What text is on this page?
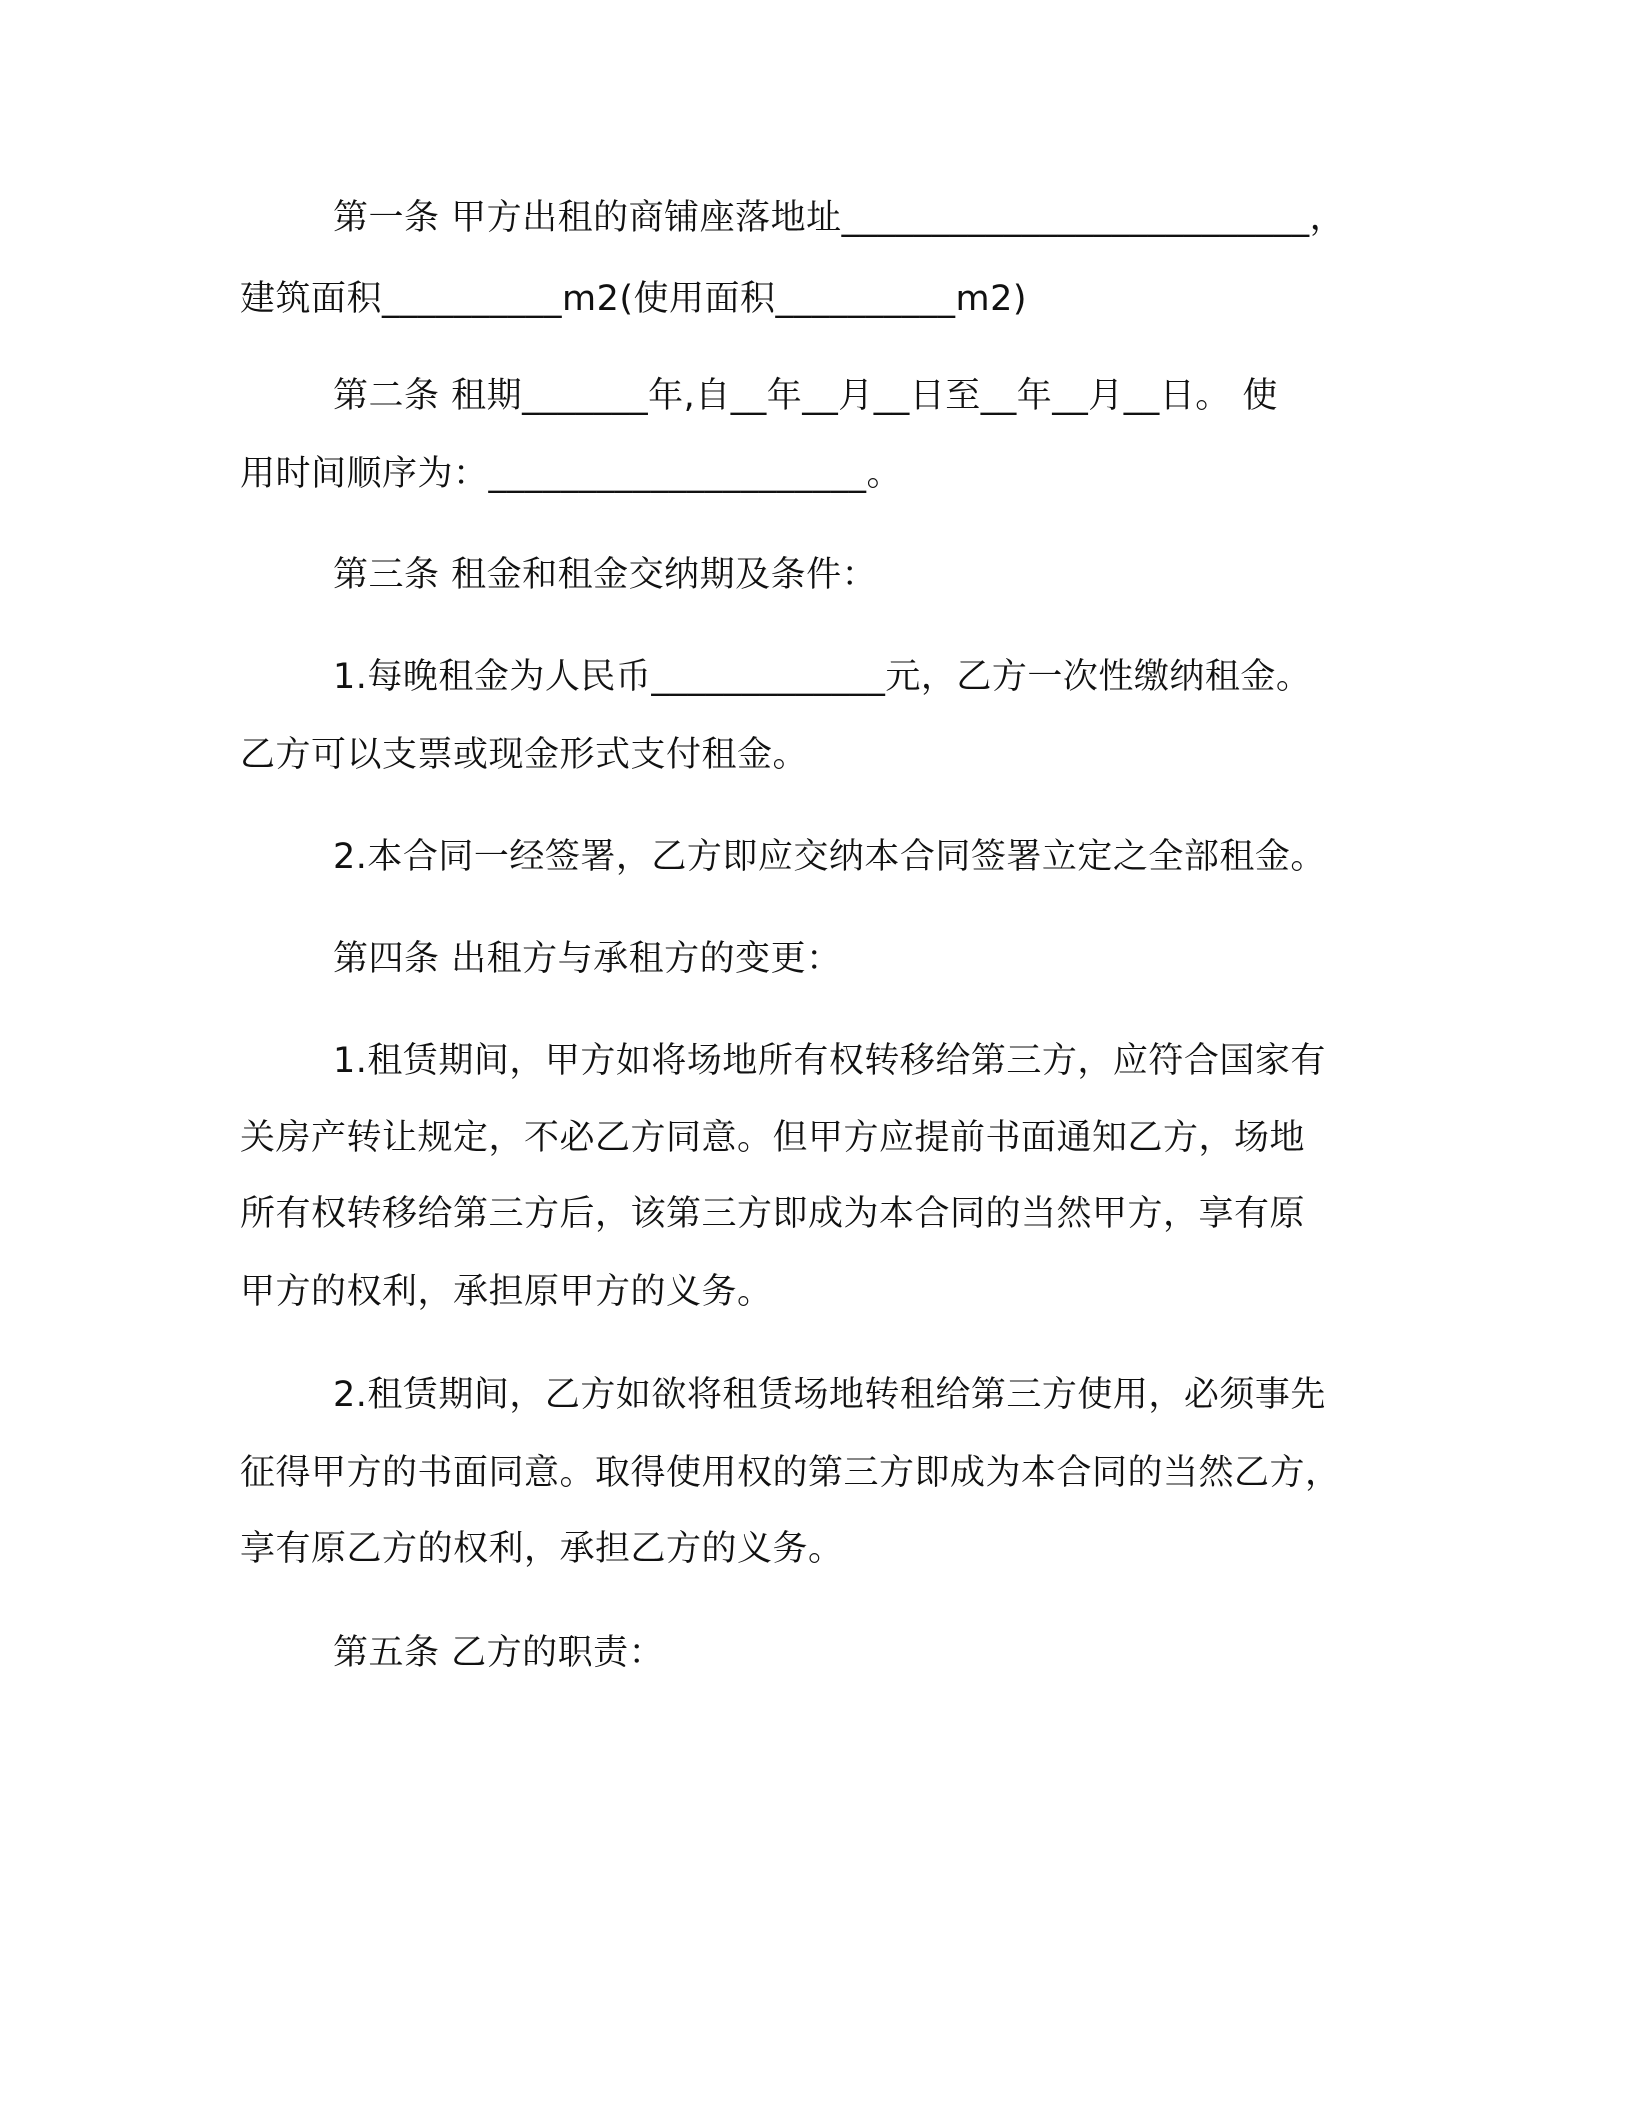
第一条 甲方出租的商铺座落地址__________________________，
建筑面积__________m2(使用面积__________m2)
第二条 租期_______年,自__年__月__日至__年__月__日。 使
用时间顺序为：_____________________。
第三条 租金和租金交纳期及条件：
1.每晚租金为人民币_____________元，乙方一次性缴纳租金。
乙方可以支票或现金形式支付租金。
2.本合同一经签署，乙方即应交纳本合同签署立定之全部租金。
第四条 出租方与承租方的变更：
1.租赁期间，甲方如将场地所有权转移给第三方，应符合国家有
关房产转让规定，不必乙方同意。但甲方应提前书面通知乙方，场地
所有权转移给第三方后，该第三方即成为本合同的当然甲方，享有原
甲方的权利，承担原甲方的义务。
2.租赁期间，乙方如欲将租赁场地转租给第三方使用，必须事先
征得甲方的书面同意。取得使用权的第三方即成为本合同的当然乙方，
享有原乙方的权利，承担乙方的义务。
第五条 乙方的职责：
